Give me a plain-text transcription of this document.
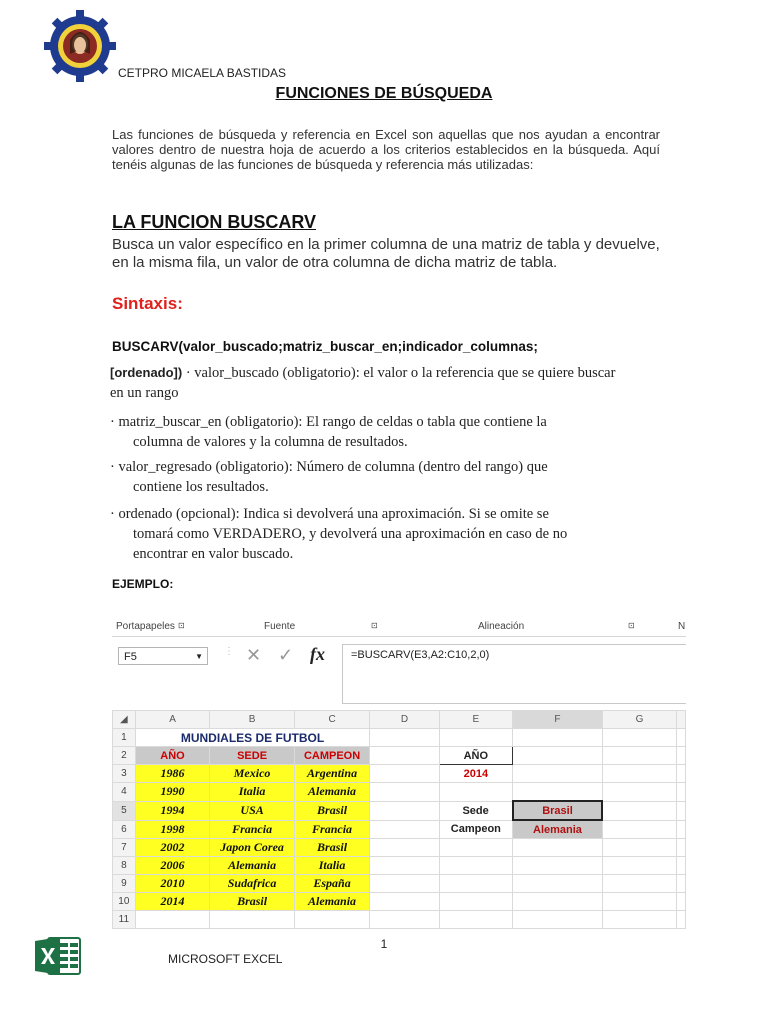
CETPRO MICAELA BASTIDAS
FUNCIONES DE BÚSQUEDA
Las funciones de búsqueda y referencia en Excel son aquellas que nos ayudan a encontrar valores dentro de nuestra hoja de acuerdo a los criterios establecidos en la búsqueda. Aquí tenéis algunas de las funciones de búsqueda y referencia más utilizadas:
LA FUNCION BUSCARV
Busca un valor específico en la primer columna de una matriz de tabla y devuelve, en la misma fila, un valor de otra columna de dicha matriz de tabla.
Sintaxis:
BUSCARV(valor_buscado;matriz_buscar_en;indicador_columnas;
[ordenado]) · valor_buscado (obligatorio): el valor o la referencia que se quiere buscar en un rango
· matriz_buscar_en (obligatorio): El rango de celdas o tabla que contiene la
columna de valores y la columna de resultados.
· valor_regresado (obligatorio): Número de columna (dentro del rango) que
contiene los resultados.
· ordenado (opcional): Indica si devolverá una aproximación. Si se omite se
tomará como VERDADERO, y devolverá una aproximación en caso de no
encontrar en valor buscado.
EJEMPLO:
Portapapeles ⊡	Fuente	⊡	Alineación	⊡	N
F5	▼ ⋮ ✕ ✓ fx	=BUSCARV(E3,A2:C10,2,0)
◢	A	B	C	D	E	F	G	
1	MUNDIALES DE FUTBOL							
2	AÑO	SEDE	CAMPEON		AÑO			
3	1986	Mexico	Argentina		2014			
4	1990	Italia	Alemania					
5	1994	USA	Brasil		Sede	Brasil		
6	1998	Francia	Francia		Campeon	Alemania		
7	2002	Japon Corea	Brasil					
8	2006	Alemania	Italia					
9	2010	Sudafrica	España					
10	2014	Brasil	Alemania					
11								
1
MICROSOFT EXCEL
